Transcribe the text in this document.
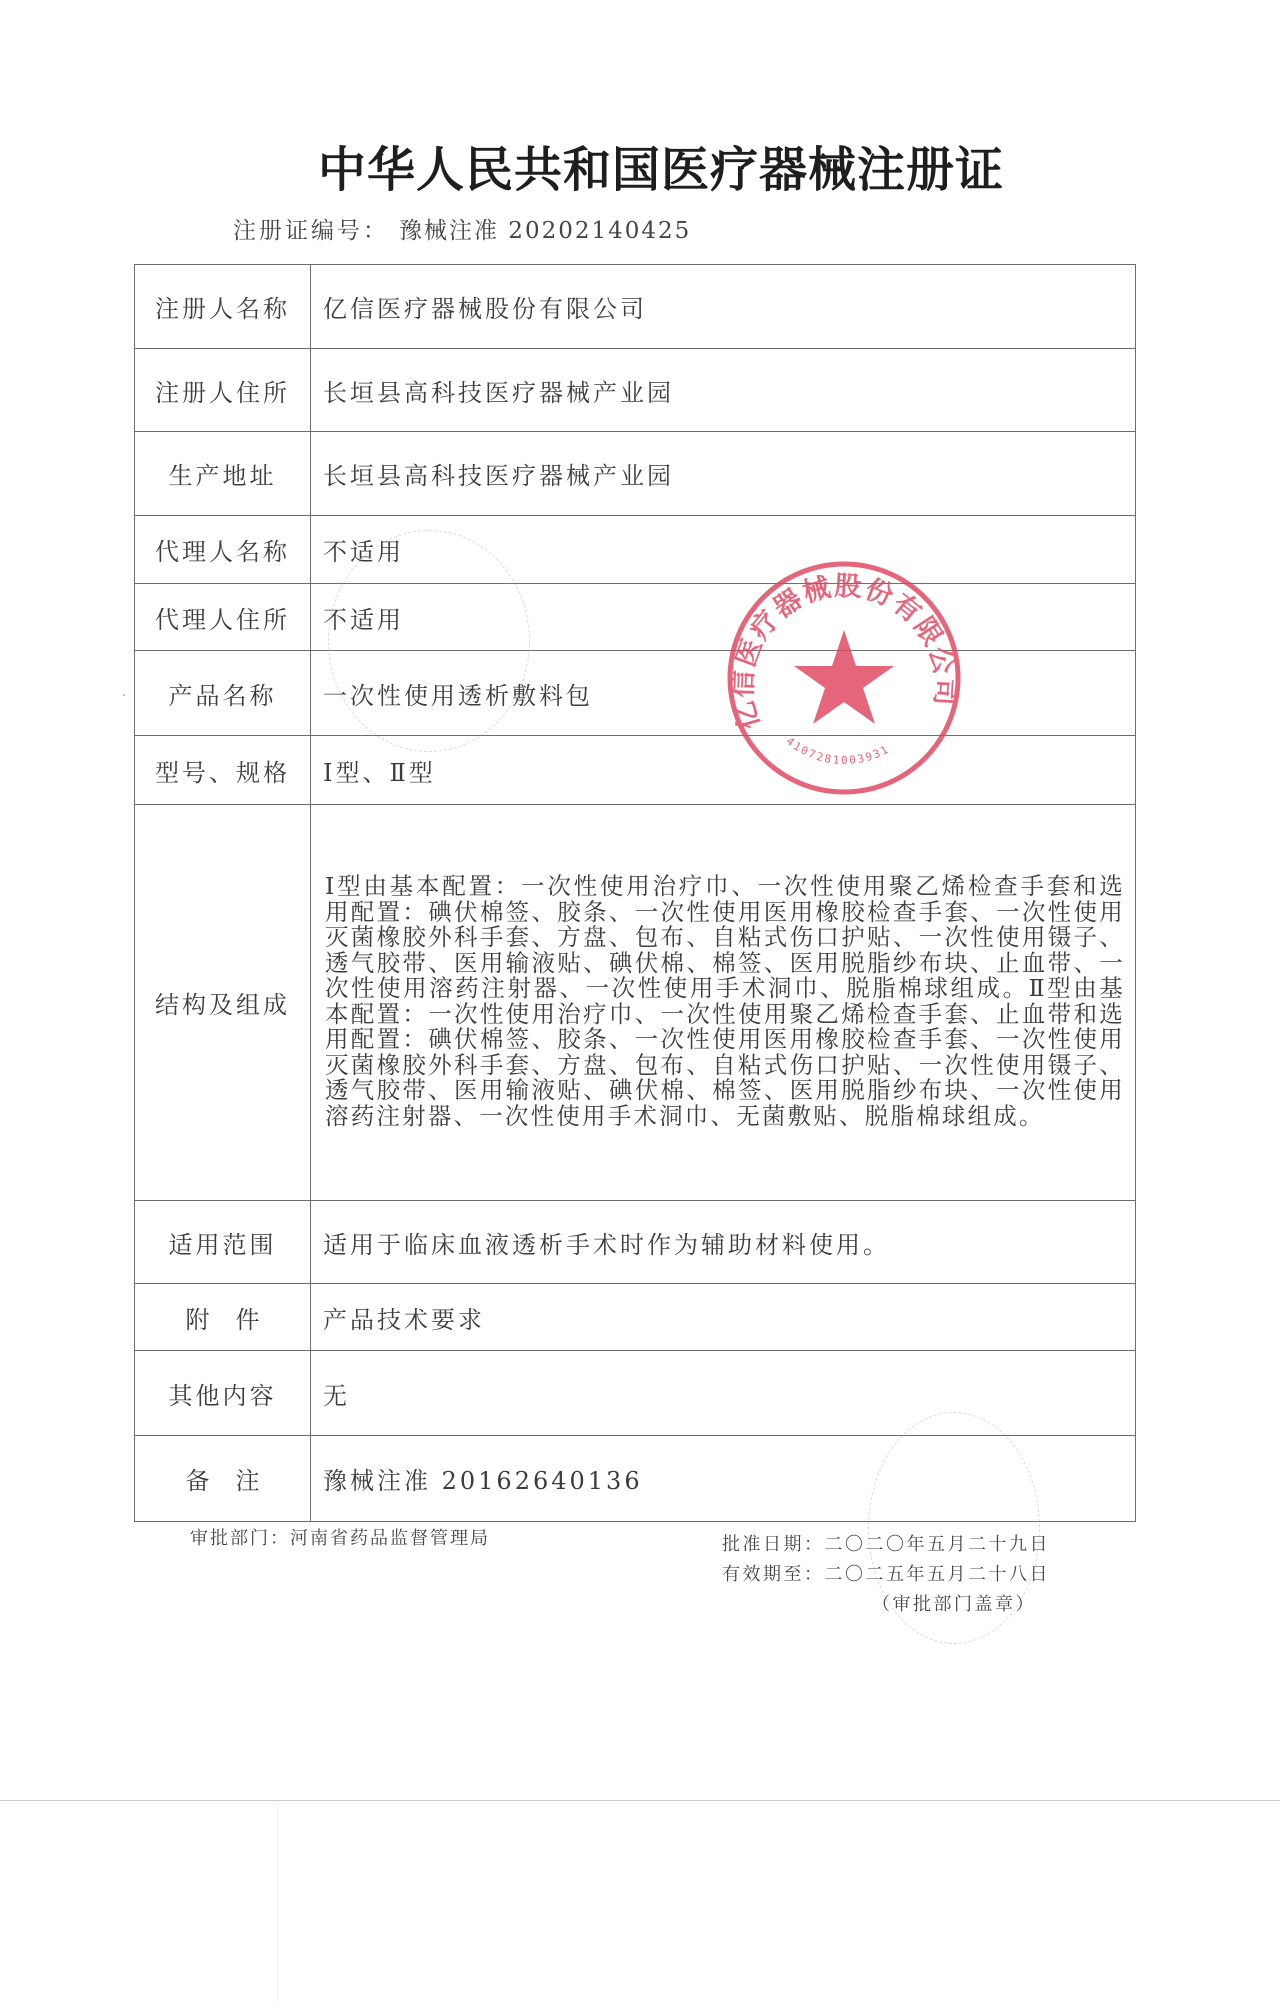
中华人民共和国医疗器械注册证
注册证编号： 豫械注准 20202140425
注册人名称	亿信医疗器械股份有限公司
注册人住所	长垣县高科技医疗器械产业园
生产地址	长垣县高科技医疗器械产业园
代理人名称	不适用
代理人住所	不适用
产品名称	一次性使用透析敷料包
型号、规格	Ⅰ型、Ⅱ型
结构及组成	Ⅰ型由基本配置：一次性使用治疗巾、一次性使用聚乙烯检查手套和选用配置：碘伏棉签、胶条、一次性使用医用橡胶检查手套、一次性使用灭菌橡胶外科手套、方盘、包布、自粘式伤口护贴、一次性使用镊子、透气胶带、医用输液贴、碘伏棉、棉签、医用脱脂纱布块、止血带、一次性使用溶药注射器、一次性使用手术洞巾、脱脂棉球组成。Ⅱ型由基本配置：一次性使用治疗巾、一次性使用聚乙烯检查手套、止血带和选用配置：碘伏棉签、胶条、一次性使用医用橡胶检查手套、一次性使用灭菌橡胶外科手套、方盘、包布、自粘式伤口护贴、一次性使用镊子、透气胶带、医用输液贴、碘伏棉、棉签、医用脱脂纱布块、一次性使用溶药注射器、一次性使用手术洞巾、无菌敷贴、脱脂棉球组成。
适用范围	适用于临床血液透析手术时作为辅助材料使用。
附件	产品技术要求
其他内容	无
备注	豫械注准 20162640136
亿信医疗器械股份有限公司
4107281003931
·
审批部门：河南省药品监督管理局	批准日期：二〇二〇年五月二十九日
有效期至：二〇二五年五月二十八日
（审批部门盖章）
